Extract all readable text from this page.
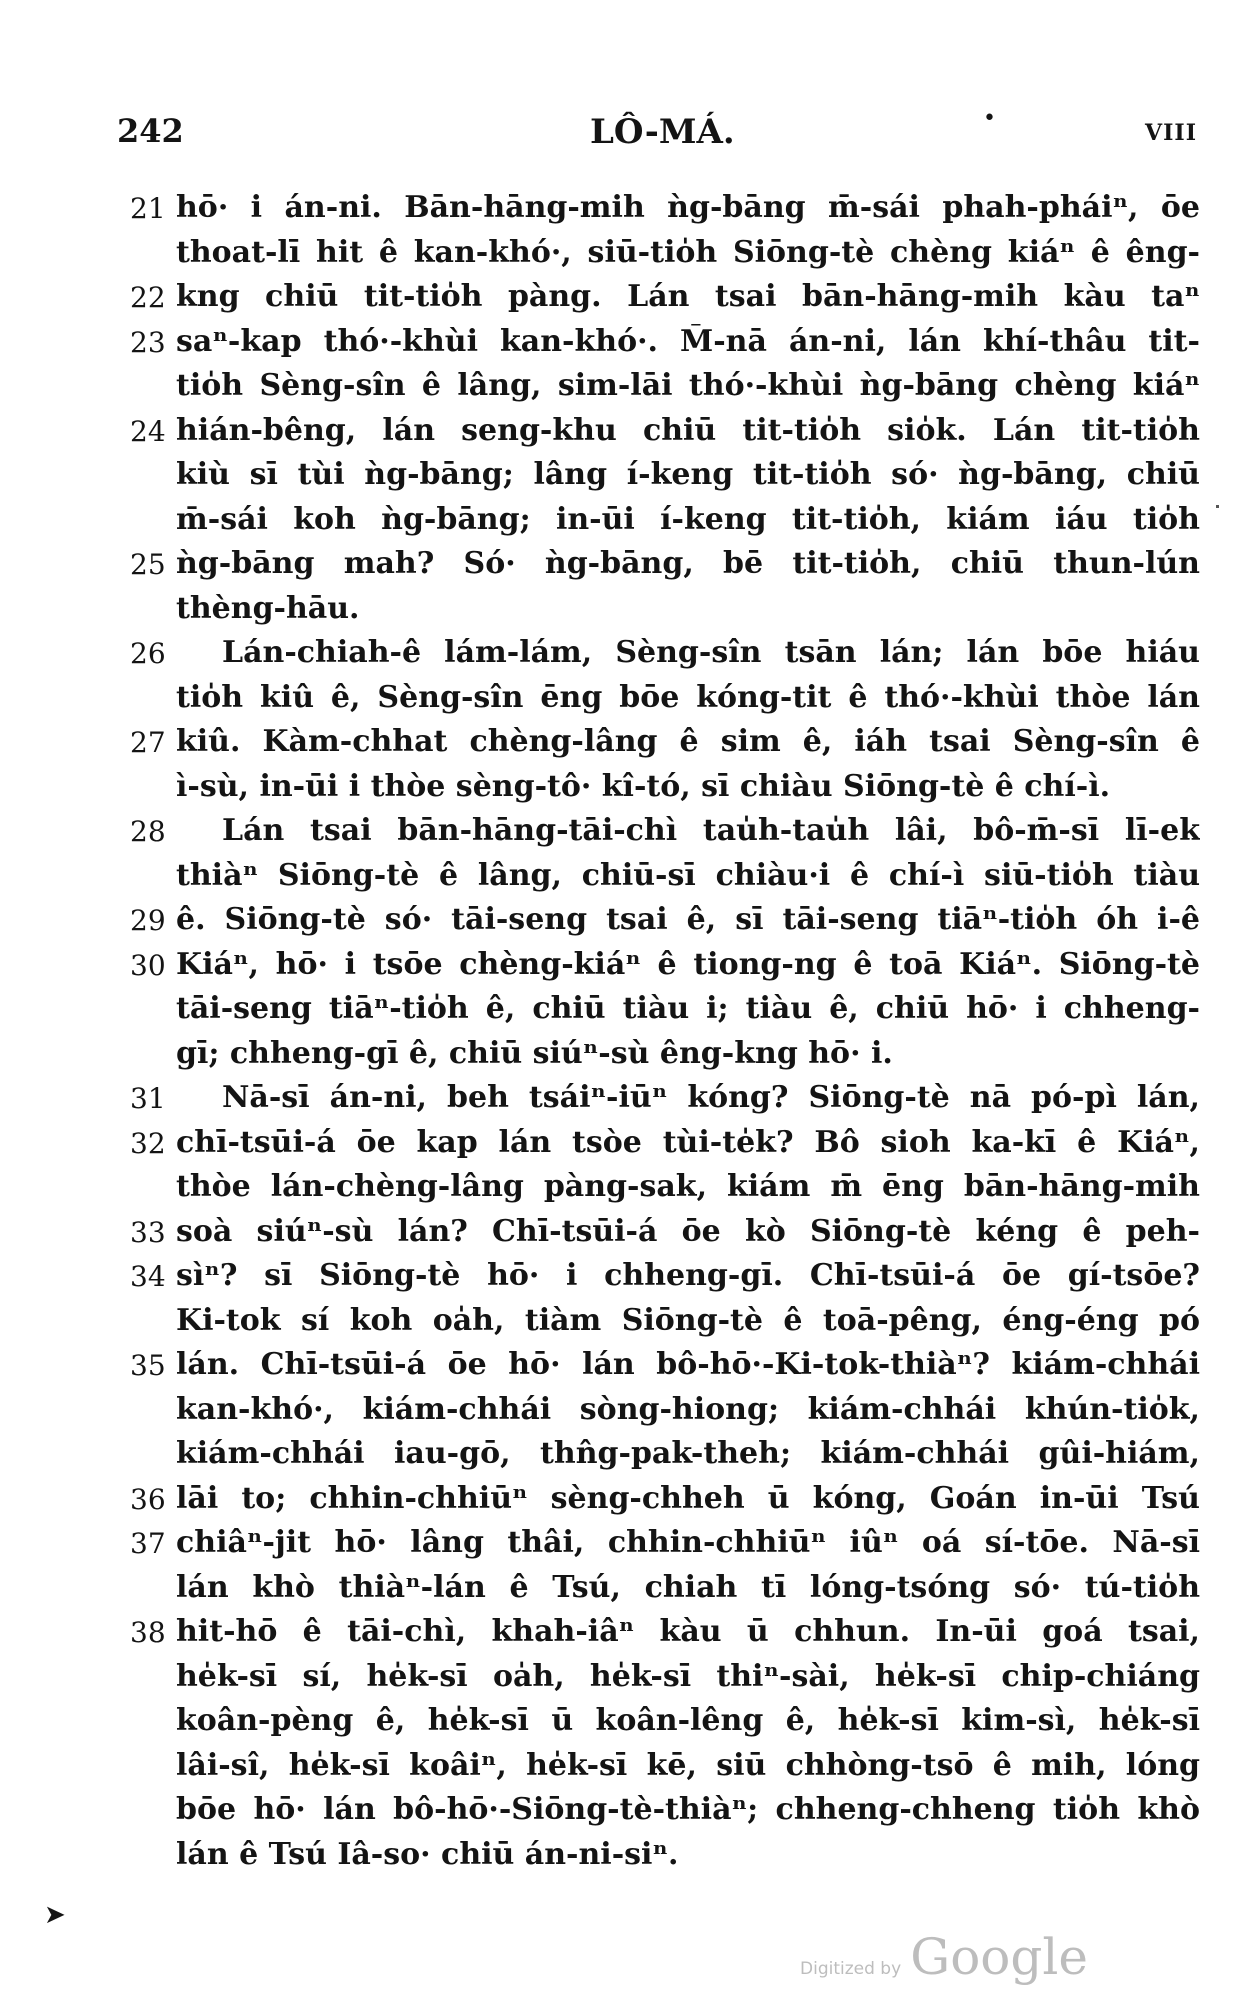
242	LÔ-MÁ.	•
VIII
21 hō· i án-ni. Bān-hāng-mih ǹg-bāng m̄-sái phah-pháiⁿ, ōe
thoat-lī hit ê kan-khó·, siū-tio̍h Siōng-tè chèng kiáⁿ ê êng-
22 kng chiū tit-tio̍h pàng. Lán tsai bān-hāng-mih kàu taⁿ
23 saⁿ-kap thó·-khùi kan-khó·. M̄-nā án-ni, lán khí-thâu tit-
tio̍h Sèng-sîn ê lâng, sim-lāi thó·-khùi ǹg-bāng chèng kiáⁿ
24 hián-bêng, lán seng-khu chiū tit-tio̍h sio̍k. Lán tit-tio̍h
kiù sī tùi ǹg-bāng; lâng í-keng tit-tio̍h só· ǹg-bāng, chiū
m̄-sái koh ǹg-bāng; in-ūi í-keng tit-tio̍h, kiám iáu tio̍h
25 ǹg-bāng mah? Só· ǹg-bāng, bē tit-tio̍h, chiū thun-lún
thèng-hāu.
26 Lán-chiah-ê lám-lám, Sèng-sîn tsān lán; lán bōe hiáu
tio̍h kiû ê, Sèng-sîn ēng bōe kóng-tit ê thó·-khùi thòe lán
27 kiû. Kàm-chhat chèng-lâng ê sim ê, iáh tsai Sèng-sîn ê
ì-sù, in-ūi i thòe sèng-tô· kî-tó, sī chiàu Siōng-tè ê chí-ì.
28 Lán tsai bān-hāng-tāi-chì tau̍h-tau̍h lâi, bô-m̄-sī lī-ek
thiàⁿ Siōng-tè ê lâng, chiū-sī chiàu·i ê chí-ì siū-tio̍h tiàu
29 ê. Siōng-tè só· tāi-seng tsai ê, sī tāi-seng tiāⁿ-tio̍h óh i-ê
30 Kiáⁿ, hō· i tsōe chèng-kiáⁿ ê tiong-ng ê toā Kiáⁿ. Siōng-tè
tāi-seng tiāⁿ-tio̍h ê, chiū tiàu i; tiàu ê, chiū hō· i chheng-
gī; chheng-gī ê, chiū siúⁿ-sù êng-kng hō· i.
31 Nā-sī án-ni, beh tsáiⁿ-iūⁿ kóng? Siōng-tè nā pó-pì lán,
32 chī-tsūi-á ōe kap lán tsòe tùi-te̍k? Bô sioh ka-kī ê Kiáⁿ,
thòe lán-chèng-lâng pàng-sak, kiám m̄ ēng bān-hāng-mih
33 soà siúⁿ-sù lán? Chī-tsūi-á ōe kò Siōng-tè kéng ê peh-
34 sìⁿ? sī Siōng-tè hō· i chheng-gī. Chī-tsūi-á ōe gí-tsōe?
Ki-tok sí koh oa̍h, tiàm Siōng-tè ê toā-pêng, éng-éng pó
35 lán. Chī-tsūi-á ōe hō· lán bô-hō·-Ki-tok-thiàⁿ? kiám-chhái
kan-khó·, kiám-chhái sòng-hiong; kiám-chhái khún-tio̍k,
kiám-chhái iau-gō, thn̂g-pak-theh; kiám-chhái gûi-hiám,
36 lāi to; chhin-chhiūⁿ sèng-chheh ū kóng, Goán in-ūi Tsú
37 chiâⁿ-jit hō· lâng thâi, chhin-chhiūⁿ iûⁿ oá sí-tōe. Nā-sī
lán khò thiàⁿ-lán ê Tsú, chiah tī lóng-tsóng só· tú-tio̍h
38 hit-hō ê tāi-chì, khah-iâⁿ kàu ū chhun. In-ūi goá tsai,
he̍k-sī sí, he̍k-sī oa̍h, he̍k-sī thiⁿ-sài, he̍k-sī chip-chiáng
koân-pèng ê, he̍k-sī ū koân-lêng ê, he̍k-sī kim-sì, he̍k-sī
lâi-sî, he̍k-sī koâiⁿ, he̍k-sī kē, siū chhòng-tsō ê mih, lóng
bōe hō· lán bô-hō·-Siōng-tè-thiàⁿ; chheng-chheng tio̍h khò
lán ê Tsú Iâ-so· chiū án-ni-siⁿ.
➤
Digitized by Google
